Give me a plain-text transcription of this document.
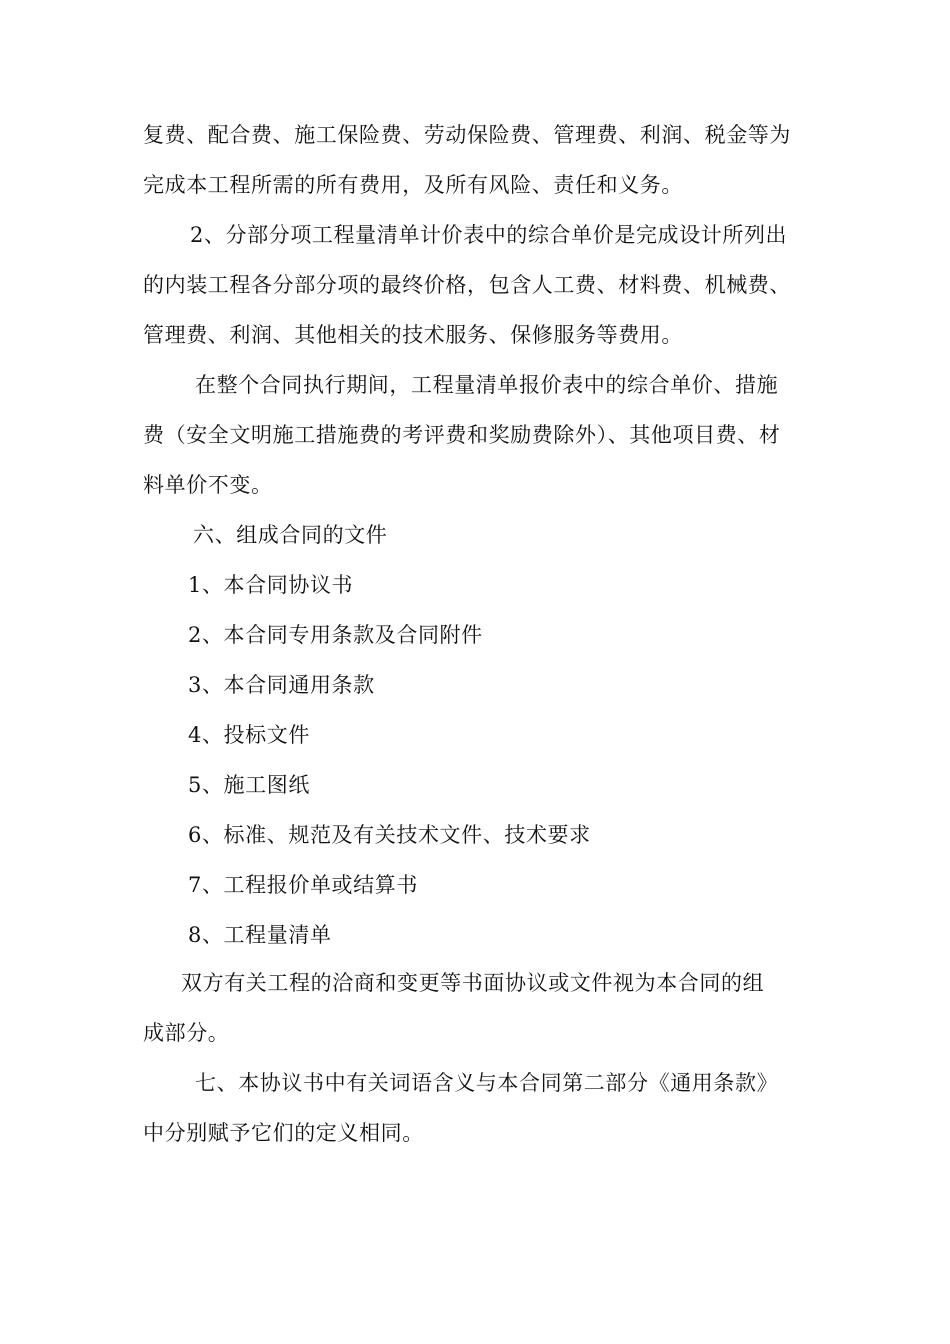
复费、配合费、施工保险费、劳动保险费、管理费、利润、税金等为
完成本工程所需的所有费用，及所有风险、责任和义务。
2、分部分项工程量清单计价表中的综合单价是完成设计所列出
的内装工程各分部分项的最终价格，包含人工费、材料费、机械费、
管理费、利润、其他相关的技术服务、保修服务等费用。
在整个合同执行期间，工程量清单报价表中的综合单价、措施
费（安全文明施工措施费的考评费和奖励费除外）、其他项目费、材
料单价不变。
六、组成合同的文件
1、本合同协议书
2、本合同专用条款及合同附件
3、本合同通用条款
4、投标文件
5、施工图纸
6、标准、规范及有关技术文件、技术要求
7、工程报价单或结算书
8、工程量清单
双方有关工程的洽商和变更等书面协议或文件视为本合同的组
成部分。
七、本协议书中有关词语含义与本合同第二部分《通用条款》
中分别赋予它们的定义相同。
